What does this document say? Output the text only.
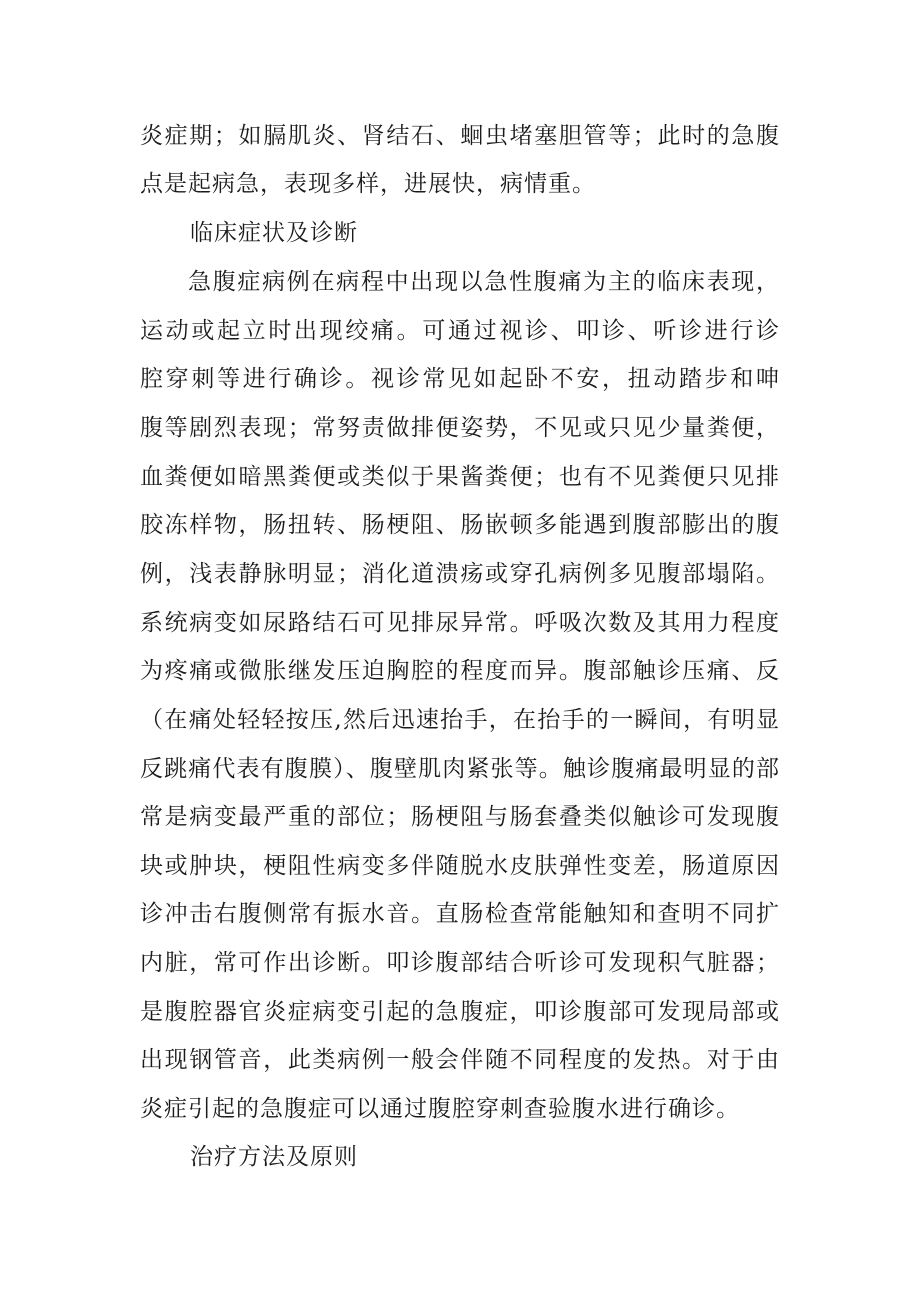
炎症期；如膈肌炎、肾结石、蛔虫堵塞胆管等；此时的急腹
点是起病急，表现多样，进展快，病情重。
临床症状及诊断
急腹症病例在病程中出现以急性腹痛为主的临床表现，
运动或起立时出现绞痛。可通过视诊、叩诊、听诊进行诊
腔穿刺等进行确诊。视诊常见如起卧不安，扭动踏步和呻
腹等剧烈表现；常努责做排便姿势，不见或只见少量粪便，
血粪便如暗黑粪便或类似于果酱粪便；也有不见粪便只见排
胶冻样物，肠扭转、肠梗阻、肠嵌顿多能遇到腹部膨出的腹
例，浅表静脉明显；消化道溃疡或穿孔病例多见腹部塌陷。
系统病变如尿路结石可见排尿异常。呼吸次数及其用力程度
为疼痛或微胀继发压迫胸腔的程度而异。腹部触诊压痛、反
（在痛处轻轻按压,然后迅速抬手，在抬手的一瞬间，有明显
反跳痛代表有腹膜）、腹壁肌肉紧张等。触诊腹痛最明显的部
常是病变最严重的部位；肠梗阻与肠套叠类似触诊可发现腹
块或肿块，梗阻性病变多伴随脱水皮肤弹性变差，肠道原因
诊冲击右腹侧常有振水音。直肠检查常能触知和查明不同扩
内脏，常可作出诊断。叩诊腹部结合听诊可发现积气脏器；
是腹腔器官炎症病变引起的急腹症，叩诊腹部可发现局部或
出现钢管音，此类病例一般会伴随不同程度的发热。对于由
炎症引起的急腹症可以通过腹腔穿刺查验腹水进行确诊。
治疗方法及原则
